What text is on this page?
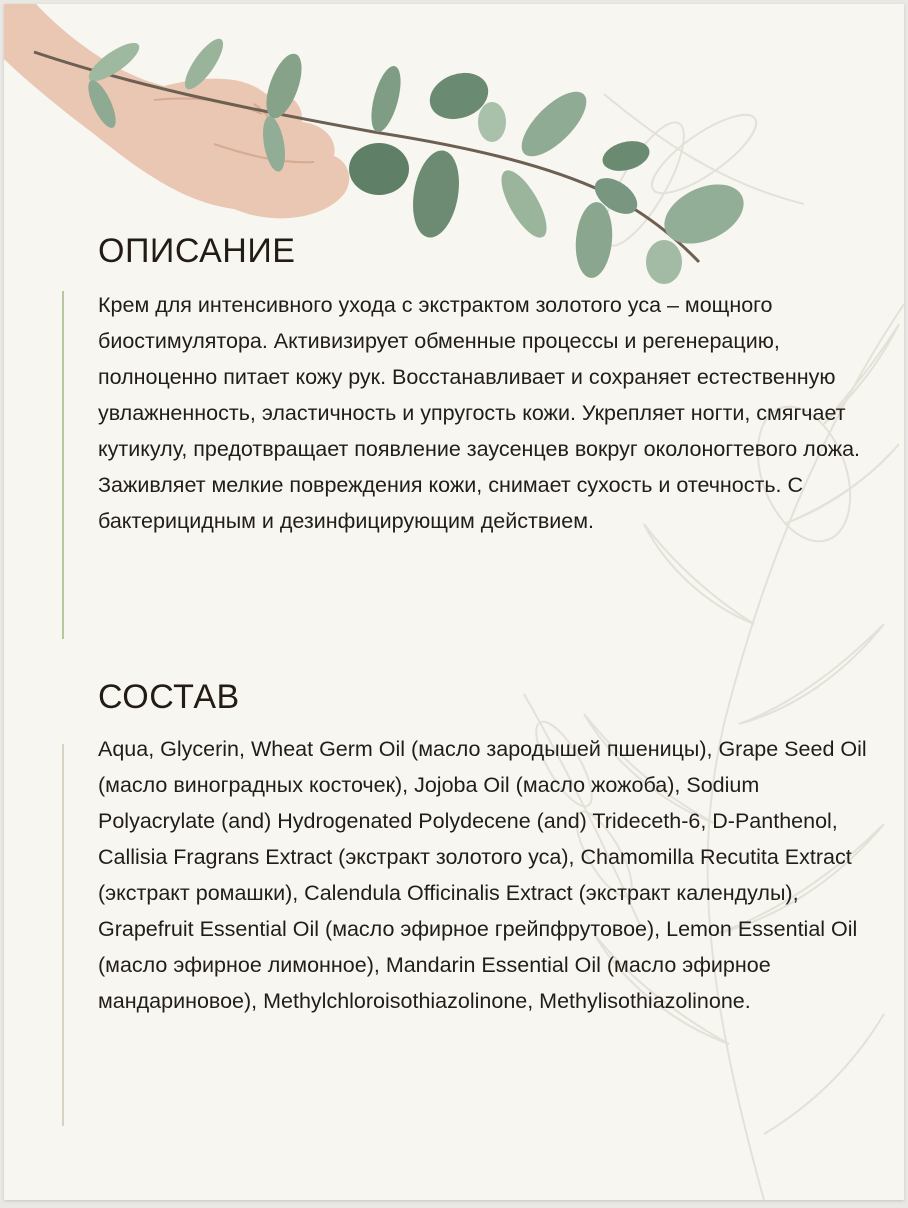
ОПИСАНИЕ

Крем для интенсивного ухода с экстрактом золотого уса – мощного биостимулятора. Активизирует обменные процессы и регенерацию, полноценно питает кожу рук. Восстанавливает и сохраняет естественную увлажненность, эластичность и упругость кожи. Укрепляет ногти, смягчает кутикулу, предотвращает появление заусенцев вокруг околоногтевого ложа. Заживляет мелкие повреждения кожи, снимает сухость и отечность. С бактерицидным и дезинфицирующим действием.

СОСТАВ

Aqua, Glycerin, Wheat Germ Oil (масло зародышей пшеницы), Grape Seed Oil (масло виноградных косточек), Jojoba Oil (масло жожоба), Sodium Polyacrylate (and) Hydrogenated Polydecene (and) Trideceth-6, D-Panthenol, Callisia Fragrans Extract (экстракт золотого уса), Chamomilla Recutita Extract (экстракт ромашки), Calendula Officinalis Extract (экстракт календулы), Grapefruit Essential Oil (масло эфирное грейпфрутовое), Lemon Essential Oil (масло эфирное лимонное), Mandarin Essential Oil (масло эфирное мандариновое), Methylchloroisothiazolinone, Methylisothiazolinone.
